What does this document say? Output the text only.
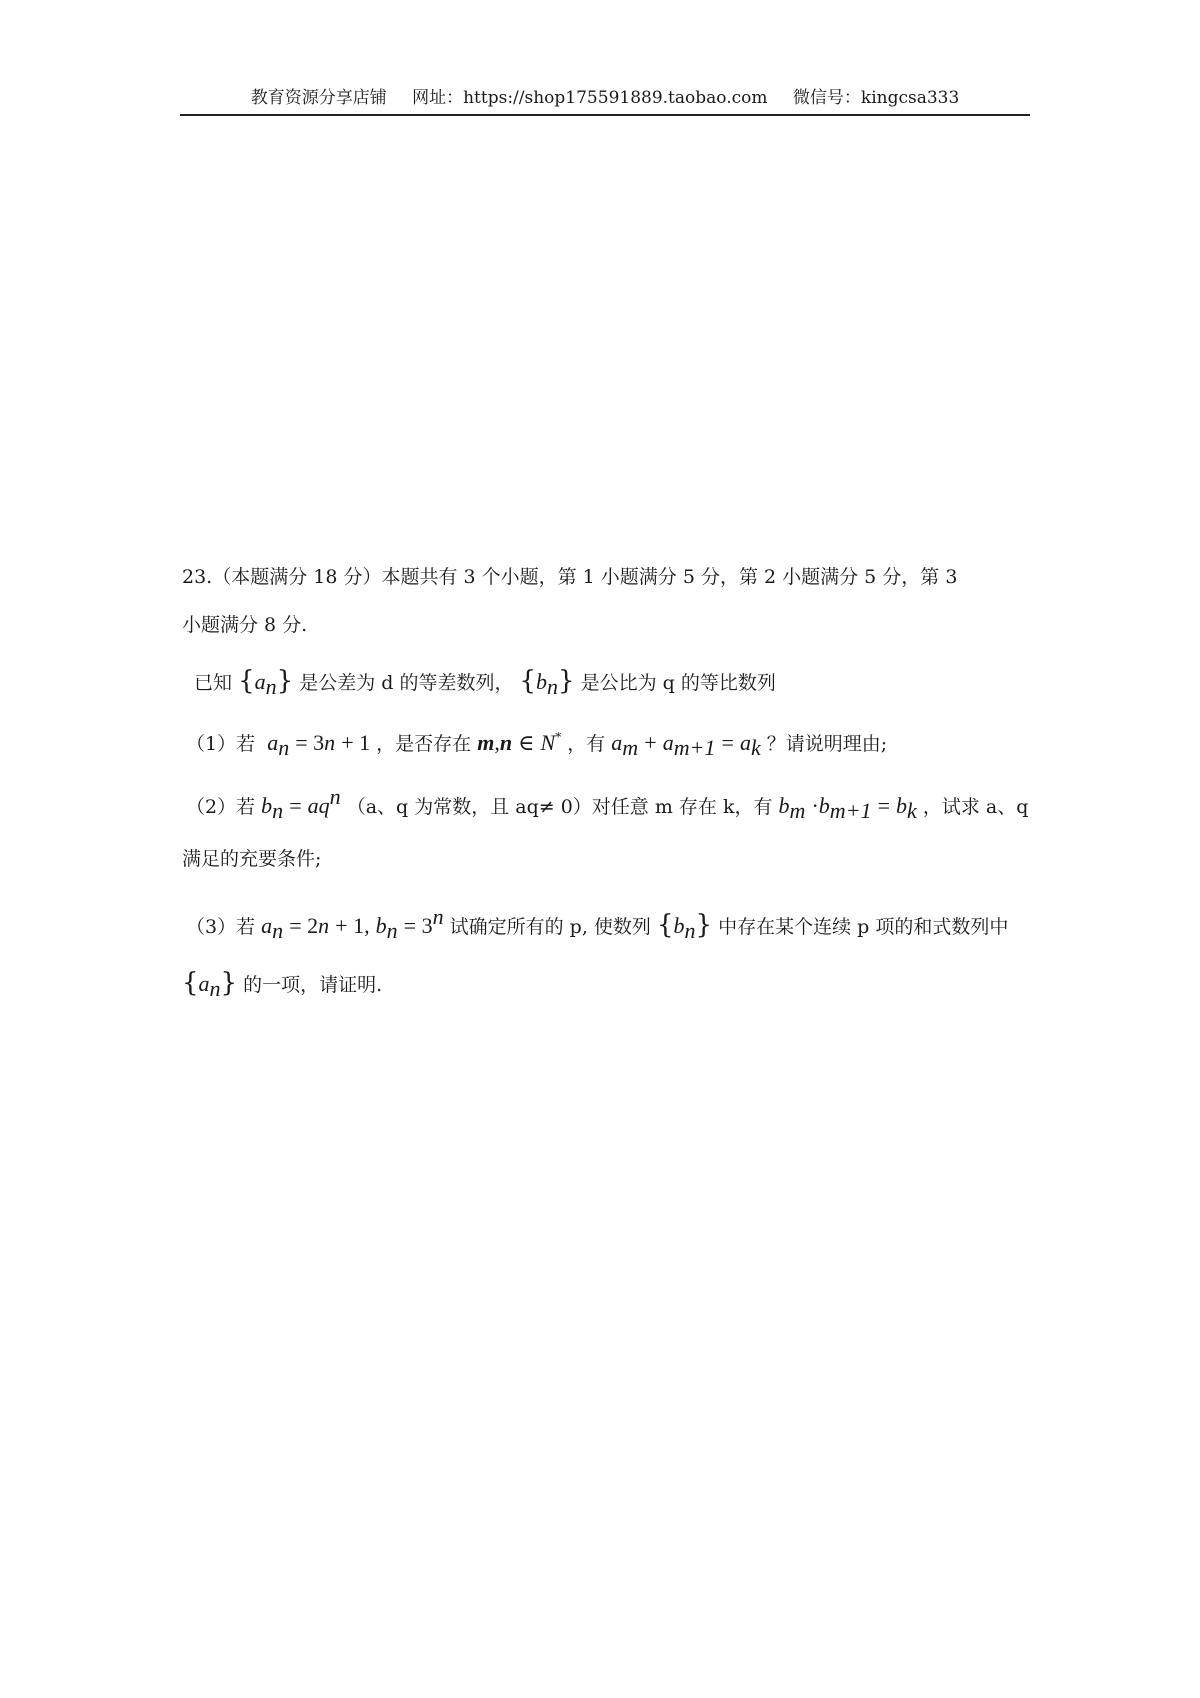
教育资源分享店铺 网址：https://shop175591889.taobao.com 微信号：kingcsa333
23.（本题满分 18 分）本题共有 3 个小题，第 1 小题满分 5 分，第 2 小题满分 5 分，第 3
小题满分 8 分.
已知 $\{a_n\}$ 是公差为 d 的等差数列， $\{b_n\}$ 是公比为 q 的等比数列
（1）若 $a_n = 3n + 1$ ，是否存在 m,n ∈ N* ，有 $a_m + a_{m+1} = a_k$ ？请说明理由;
（2）若 $b_n = aq^n$ （a、q 为常数，且 aq≠ 0）对任意 m 存在 k，有 $b_m \cdot b_{m+1} = b_k$ ，试求 a、q
满足的充要条件;
（3）若 $a_n = 2n + 1$, $b_n = 3^n$ 试确定所有的 p, 使数列 $\{b_n\}$ 中存在某个连续 p 项的和式数列中
$\{a_n\}$ 的一项，请证明.
